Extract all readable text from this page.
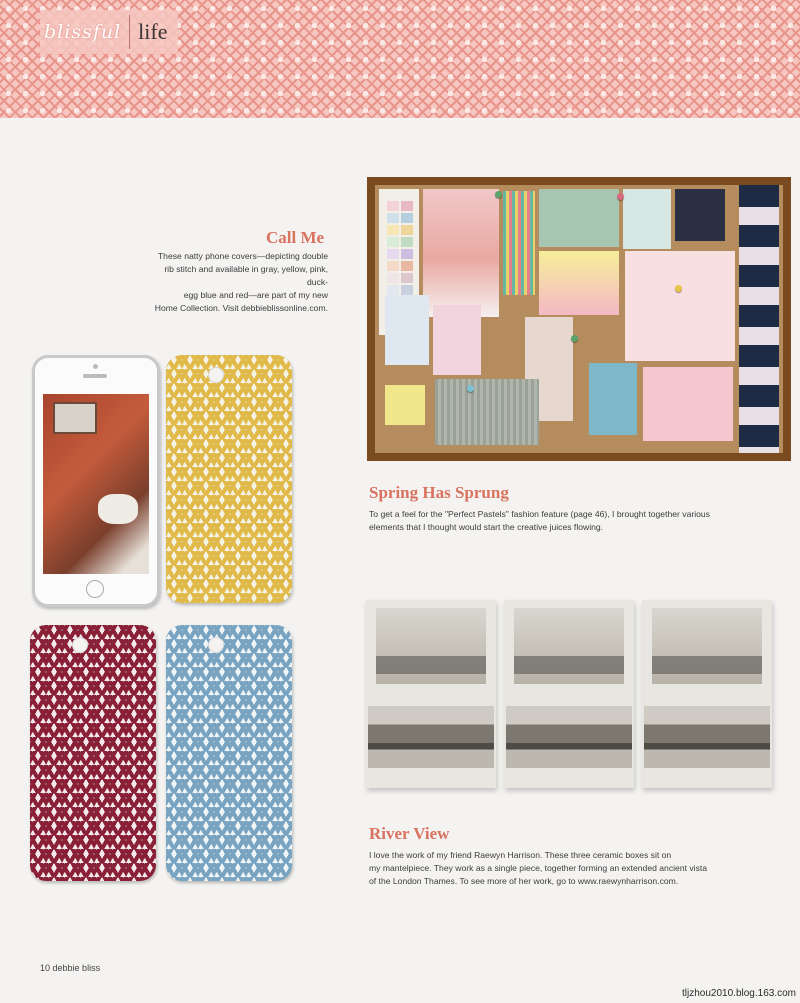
blissful life
Call Me

These natty phone covers—depicting double
rib stitch and available in gray, yellow, pink, duck-
egg blue and red—are part of my new
Home Collection. Visit debbieblissonline.com.

Spring Has Sprung

To get a feel for the "Perfect Pastels" fashion feature (page 46), I brought together various
elements that I thought would start the creative juices flowing.

River View

I love the work of my friend Raewyn Harrison. These three ceramic boxes sit on
my mantelpiece. They work as a single piece, together forming an extended ancient vista
of the London Thames. To see more of her work, go to www.raewynharrison.com.

10 debbie bliss
tljzhou2010.blog.163.com
